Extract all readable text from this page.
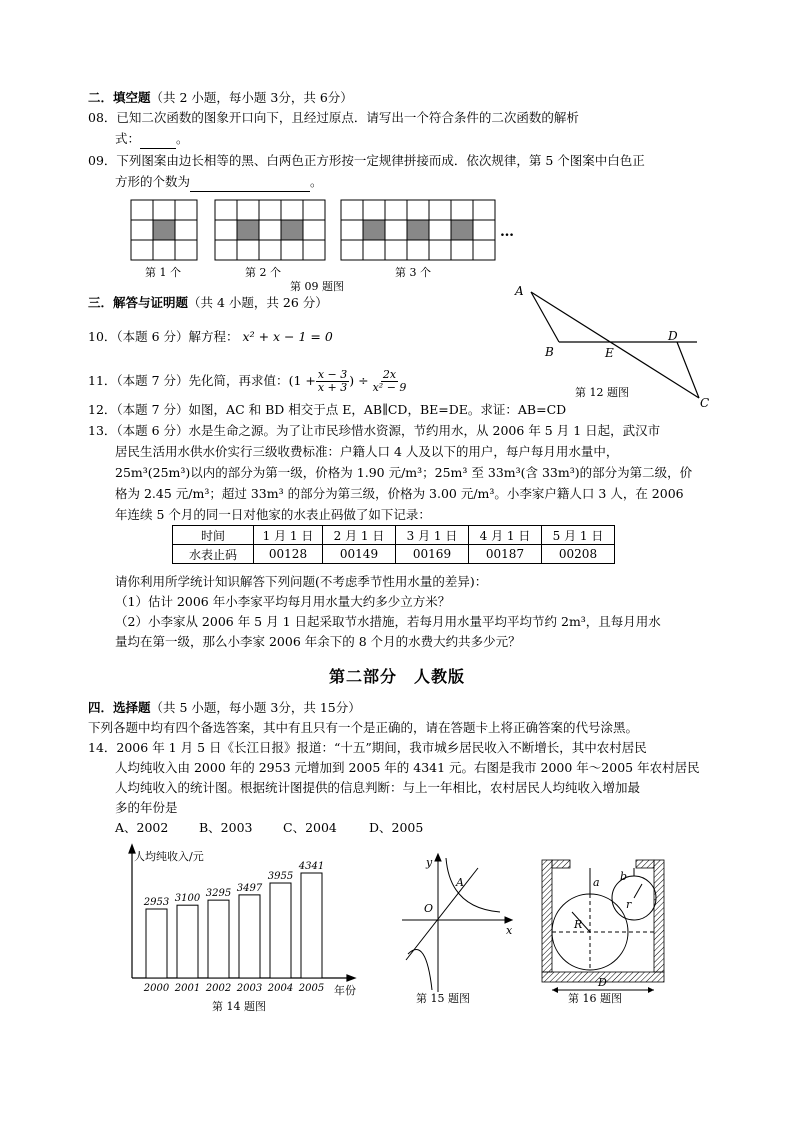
二．填空题（共 2 小题，每小题 3分，共 6分）
08．已知二次函数的图象开口向下，且经过原点．请写出一个符合条件的二次函数的解析
式：	。
09．下列图案由边长相等的黑、白两色正方形按一定规律拼接而成．依次规律，第 5 个图案中白色正
方形的个数为	。
…
第 1 个	第 2 个	第 3 个
第 09 题图
三．解答与证明题（共 4 小题，共 26 分）
10．（本题 6 分）解方程： x² + x − 1 = 0
11．（本题 7 分）先化简，再求值：($1 + \frac{x - 3}{x + 3}$ ) ÷ $\frac{2x}{\text{x² − 9}}$
12．（本题 7 分）如图，AC 和 BD 相交于点 E，AB∥CD，BE=DE。求证：AB=CD
A
B	E
D
C
第 12 题图
13．（本题 6 分）水是生命之源。为了让市民珍惜水资源，节约用水，从 2006 年 5 月 1 日起，武汉市
居民生活用水供水价实行三级收费标准：户籍人口 4 人及以下的用户，每户每月用水量中，
25m³(25m³)以内的部分为第一级，价格为 1.90 元/m³；25m³ 至 33m³(含 33m³)的部分为第二级，价
格为 2.45 元/m³；超过 33m³ 的部分为第三级，价格为 3.00 元/m³。小李家户籍人口 3 人，在 2006
年连续 5 个月的同一日对他家的水表止码做了如下记录：
时间	1 月 1 日	2 月 1 日	3 月 1 日	4 月 1 日	5 月 1 日
水表止码	00128	00149	00169	00187	00208
请你利用所学统计知识解答下列问题(不考虑季节性用水量的差异)：
（1）估计 2006 年小李家平均每月用水量大约多少立方米？
（2）小李家从 2006 年 5 月 1 日起采取节水措施，若每月用水量平均平均节约 2m³，且每月用水
量均在第一级，那么小李家 2006 年余下的 8 个月的水费大约共多少元？
第二部分　人教版
四．选择题（共 5 小题，每小题 3分，共 15分）
下列各题中均有四个备选答案，其中有且只有一个是正确的，请在答题卡上将正确答案的代号涂黑。
14．2006 年 1 月 5 日《长江日报》报道：“十五”期间，我市城乡居民收入不断增长，其中农村居民
人均纯收入由 2000 年的 2953 元增加到 2005 年的 4341 元。右图是我市 2000 年～2005 年农村居民
人均纯收入的统计图。根据统计图提供的信息判断：与上一年相比，农村居民人均纯收入增加最
多的年份是
A、2002 B、2003 C、2004	D、2005
人均纯收入/元
年份
2953
2000
3100
2001
3295
2002
3497
2003
3955
2004
4341
2005
第 14 题图
y
x
O
A
第 15 题图
a b
r
R
D
第 16 题图
